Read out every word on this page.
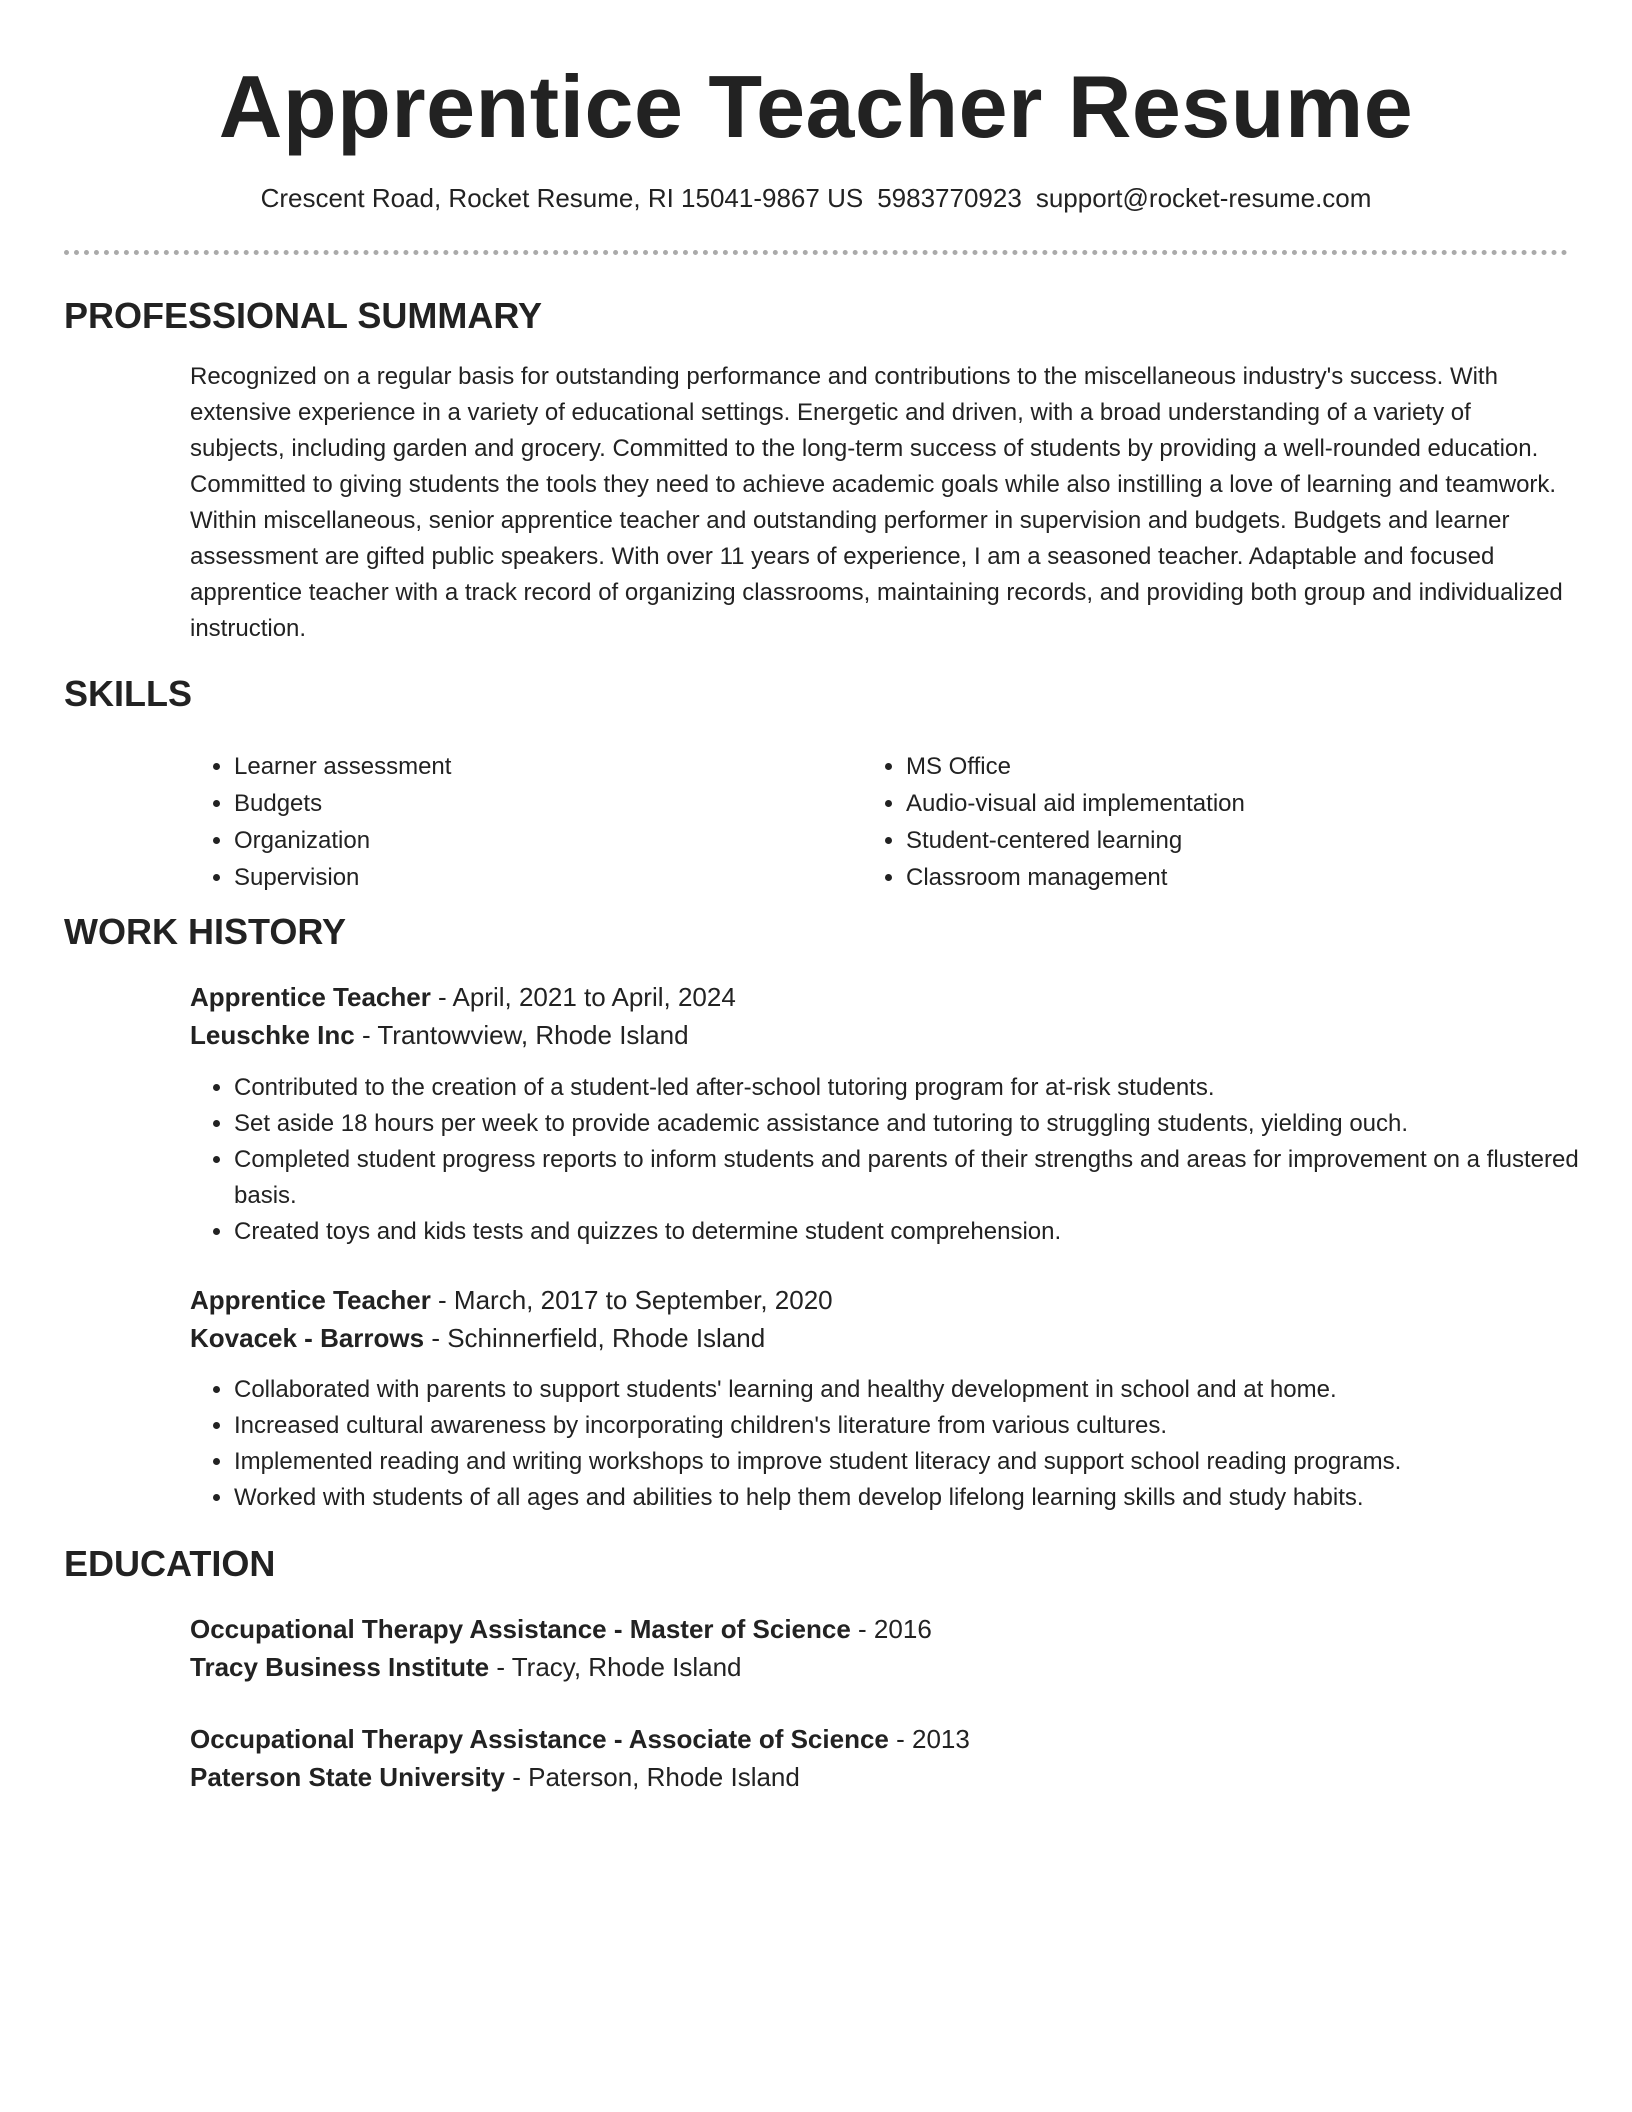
Apprentice Teacher Resume
Crescent Road, Rocket Resume, RI 15041-9867 US 5983770923 support@rocket-resume.com
PROFESSIONAL SUMMARY
Recognized on a regular basis for outstanding performance and contributions to the miscellaneous industry's success. With extensive experience in a variety of educational settings. Energetic and driven, with a broad understanding of a variety of subjects, including garden and grocery. Committed to the long-term success of students by providing a well-rounded education. Committed to giving students the tools they need to achieve academic goals while also instilling a love of learning and teamwork. Within miscellaneous, senior apprentice teacher and outstanding performer in supervision and budgets. Budgets and learner assessment are gifted public speakers. With over 11 years of experience, I am a seasoned teacher. Adaptable and focused apprentice teacher with a track record of organizing classrooms, maintaining records, and providing both group and individualized instruction.
SKILLS
• Learner assessment
• Budgets
• Organization
• Supervision
• MS Office
• Audio-visual aid implementation
• Student-centered learning
• Classroom management
WORK HISTORY
Apprentice Teacher - April, 2021 to April, 2024
Leuschke Inc - Trantowview, Rhode Island
• Contributed to the creation of a student-led after-school tutoring program for at-risk students.
• Set aside 18 hours per week to provide academic assistance and tutoring to struggling students, yielding ouch.
• Completed student progress reports to inform students and parents of their strengths and areas for improvement on a flustered basis.
• Created toys and kids tests and quizzes to determine student comprehension.
Apprentice Teacher - March, 2017 to September, 2020
Kovacek - Barrows - Schinnerfield, Rhode Island
• Collaborated with parents to support students' learning and healthy development in school and at home.
• Increased cultural awareness by incorporating children's literature from various cultures.
• Implemented reading and writing workshops to improve student literacy and support school reading programs.
• Worked with students of all ages and abilities to help them develop lifelong learning skills and study habits.
EDUCATION
Occupational Therapy Assistance - Master of Science - 2016
Tracy Business Institute - Tracy, Rhode Island
Occupational Therapy Assistance - Associate of Science - 2013
Paterson State University - Paterson, Rhode Island
